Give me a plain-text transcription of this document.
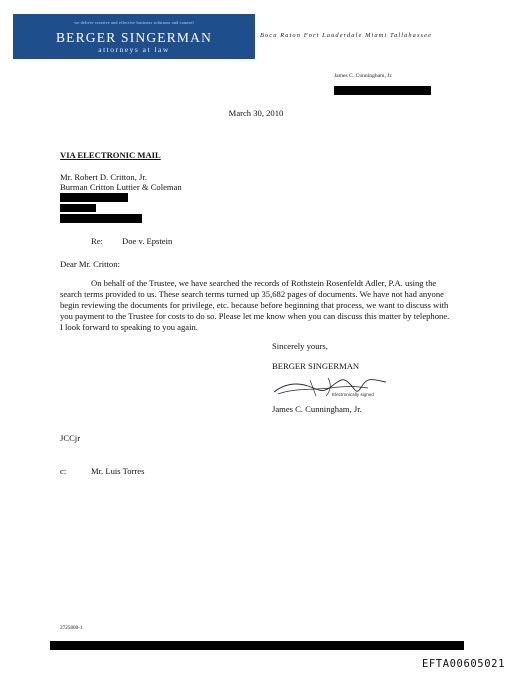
we deliver creative and effective business solutions and counsel
BERGER SINGERMAN
attorneys at law
Boca Raton Fort Lauderdale Miami Tallahassee
James C. Cunningham, Jr.
March 30, 2010
VIA ELECTRONIC MAIL
Mr. Robert D. Critton, Jr.
Burman Critton Luttier & Coleman
Re: Doe v. Epstein
Dear Mr. Critton:
On behalf of the Trustee, we have searched the records of Rothstein Rosenfeldt Adler, P.A. using the search terms provided to us. These search terms turned up 35,682 pages of documents. We have not had anyone begin reviewing the documents for privilege, etc. because before beginning that process, we want to discuss with you payment to the Trustee for costs to do so. Please let me know when you can discuss this matter by telephone. I look forward to speaking to you again.
Sincerely yours,
BERGER SINGERMAN
Electronically signed
James C. Cunningham, Jr.
JCCjr
c:	Mr. Luis Torres
2725800-1
EFTA00605021
